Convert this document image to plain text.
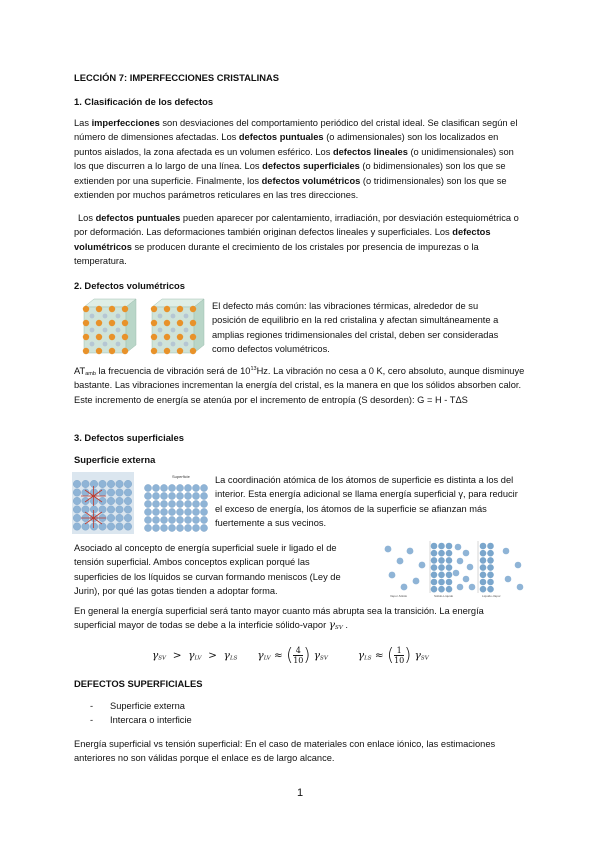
LECCIÓN 7: IMPERFECCIONES CRISTALINAS
1. Clasificación de los defectos
Las imperfecciones son desviaciones del comportamiento periódico del cristal ideal. Se clasifican según el número de dimensiones afectadas. Los defectos puntuales (o adimensionales) son los localizados en puntos aislados, la zona afectada es un volumen esférico. Los defectos lineales (o unidimensionales) son los que discurren a lo largo de una línea. Los defectos superficiales (o bidimensionales) son los que se extienden por una superficie. Finalmente, los defectos volumétricos (o tridimensionales) son los que se extienden por muchos parámetros reticulares en las tres direcciones.
Los defectos puntuales pueden aparecer por calentamiento, irradiación, por desviación estequiométrica o por deformación. Las deformaciones también originan defectos lineales y superficiales. Los defectos volumétricos se producen durante el crecimiento de los cristales por presencia de impurezas o la temperatura.
2. Defectos volumétricos
El defecto más común: las vibraciones térmicas, alrededor de su posición de equilibrio en la red cristalina y afectan simultáneamente a amplias regiones tridimensionales del cristal, deben ser consideradas como defectos volumétricos.
$AT_{amb}$ la frecuencia de vibración será de $10^{13}Hz$. La vibración no cesa a 0 K, cero absoluto, aunque disminuye bastante. Las vibraciones incrementan la energía del cristal, es la manera en que los sólidos absorben calor. Este incremento de energía se atenúa por el incremento de entropía (S desorden): G = H - TΔS
3. Defectos superficiales
Superficie externa
Superficie	La coordinación atómica de los átomos de superficie es distinta a los del interior. Esta energía adicional se llama energía superficial γ, para reducir el exceso de energía, los átomos de la superficie se afianzan más fuertemente a sus vecinos.
Asociado al concepto de energía superficial suele ir ligado el de tensión superficial. Ambos conceptos explican porqué las superficies de los líquidos se curvan formando meniscos (Ley de Jurin), por qué las gotas tienden a adoptar forma.	Vapor-Sólido	Sólido-Líquido	Líquido-Vapor
En general la energía superficial será tanto mayor cuanto más abrupta sea la transición. La energía superficial mayor de todas se debe a la interficie sólido-vapor $\gamma_{SV}$ .
$\gamma_{SV} > \gamma_{LV} > \gamma_{LS}$ $\gamma_{LV}$ ≈ ( $\frac{4}{10}$ ) $\gamma_{SV}$	$\gamma_{LS}$ ≈ ( $\frac{1}{10}$ ) $\gamma_{SV}$
DEFECTOS SUPERFICIALES
- Superficie externa
- Intercara o interficie
Energía superficial vs tensión superficial: En el caso de materiales con enlace iónico, las estimaciones anteriores no son válidas porque el enlace es de largo alcance.
1
